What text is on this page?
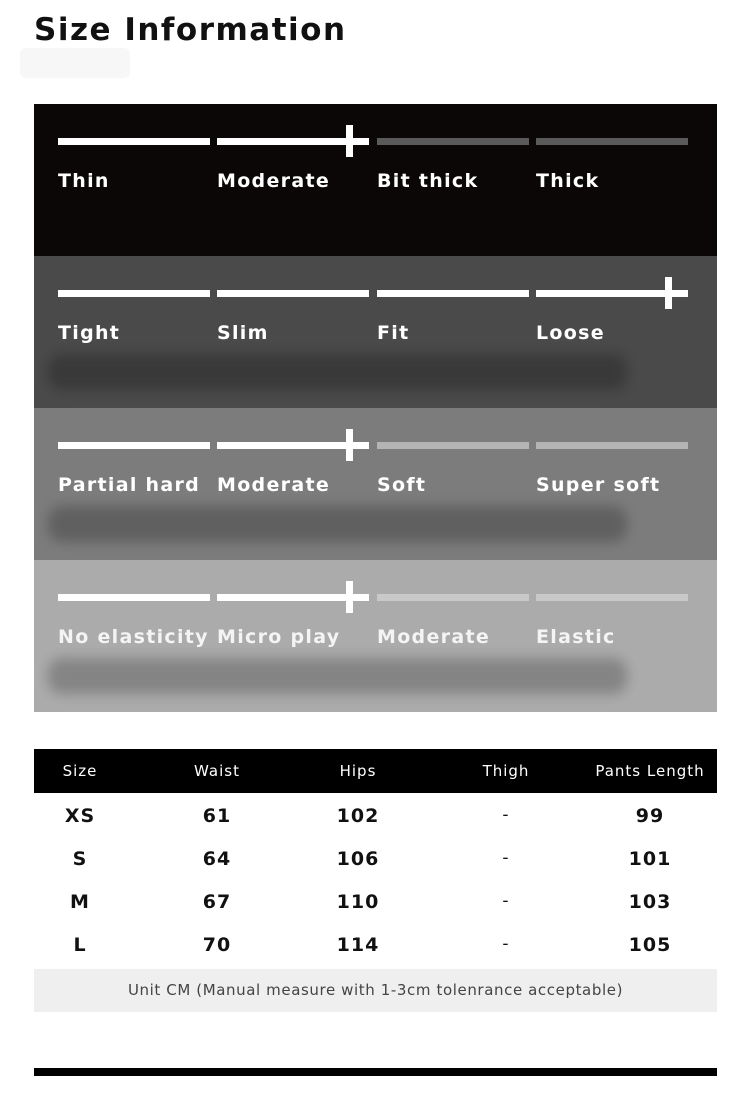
Size Information
Thin	Moderate Bit thick	Thick
Tight	Slim	Fit	Loose
Partial hard Moderate Soft	Super soft
No elasticity Micro play Moderate Elastic
Size	Waist	Hips	Thigh	Pants Length
XS	61	102	-	99
S	64	106	-	101
M	67	110	-	103
L	70	114	-	105
Unit CM (Manual measure with 1-3cm tolenrance acceptable)
